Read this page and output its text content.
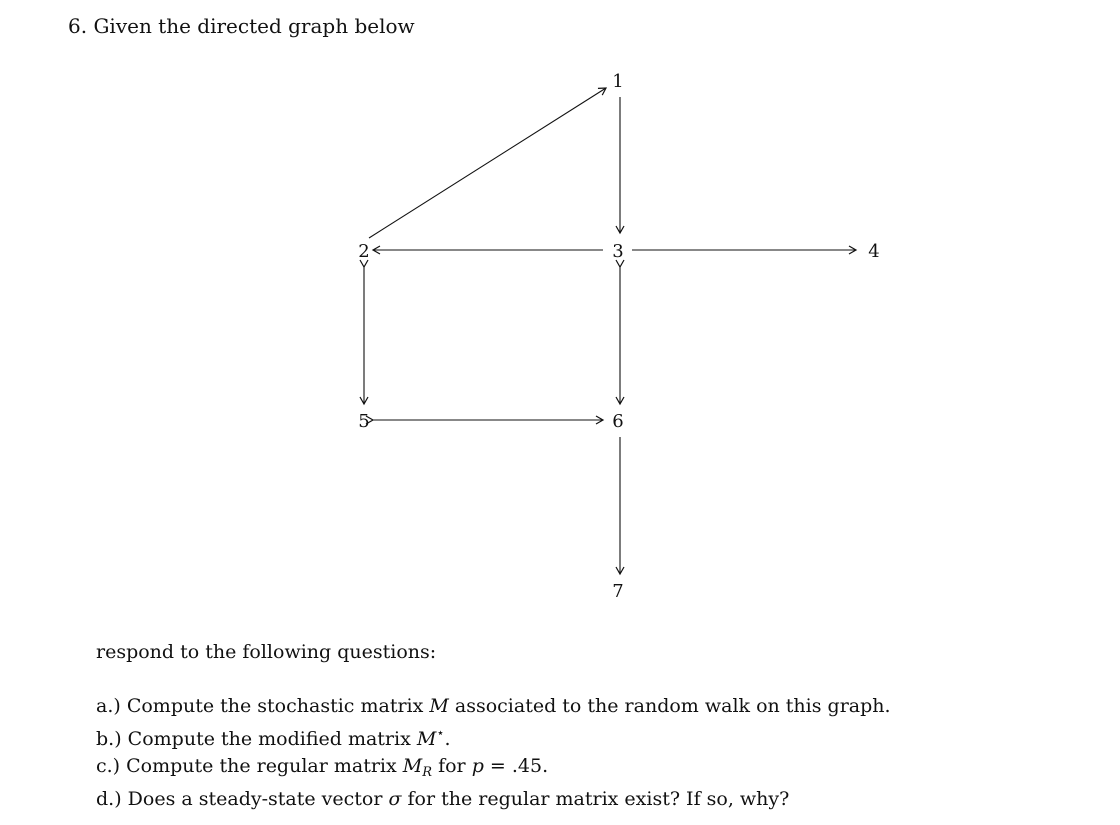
6. Given the directed graph below
1
2	3	4
5	6
7
respond to the following questions:
a.) Compute the stochastic matrix M associated to the random walk on this graph.
b.) Compute the modified matrix M⋆.
c.) Compute the regular matrix $M_R$ for p = .45.
d.) Does a steady-state vector σ for the regular matrix exist? If so, why?
